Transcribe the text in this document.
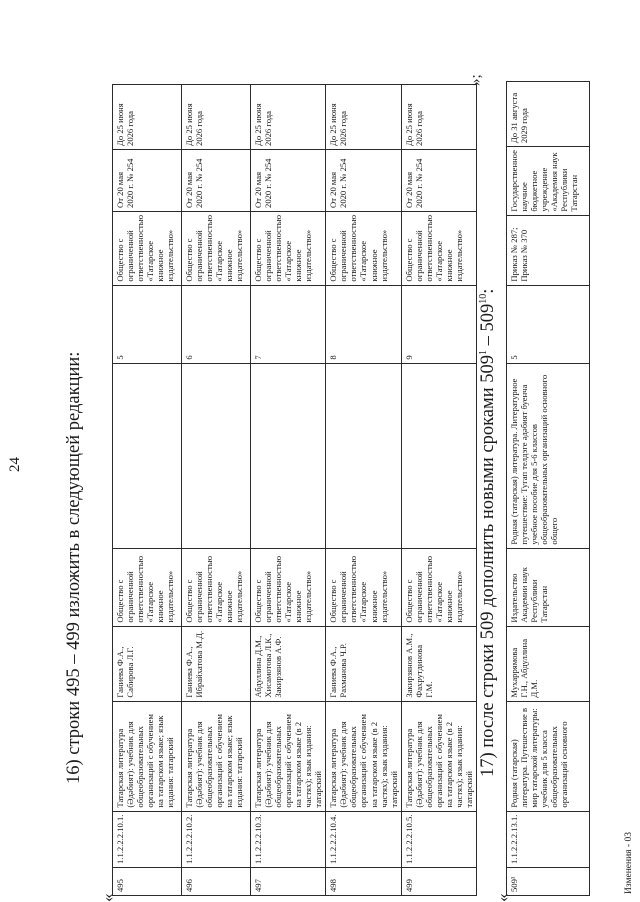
24 16) строки 495 – 499 изложить в следующей редакции:
«
495	1.1.2.2.2.10.1.	Татарская литература (Әдәбият): учебник для общеобразовательных организаций с обучением на татарском языке; язык издания: татарский	Ганиева Ф.А., Сабирова Л.Г.	Общество с ограниченной ответственностью «Татарское книжное издательство»		5	Общество с ограниченной ответственностью «Татарское книжное издательство»	От 20 мая 2020 г. № 254	До 25 июня 2026 года
496	1.1.2.2.2.10.2.	Татарская литература (Әдәбият): учебник для общеобразовательных организаций с обучением на татарском языке; язык издания: татарский	Ганиева Ф.А., Ибрайхатова М.Д.	Общество с ограниченной ответственностью «Татарское книжное издательство»		6	Общество с ограниченной ответственностью «Татарское книжное издательство»	От 20 мая 2020 г. № 254	До 25 июня 2026 года
497	1.1.2.2.2.10.3.	Татарская литература (Әдәбият): учебник для общеобразовательных организаций с обучением на татарском языке (в 2 частях); язык издания: татарский	Абдуллина Д.М., Хисамотова Л.К., Закирзянов А.Ф.	Общество с ограниченной ответственностью «Татарское книжное издательство»		7	Общество с ограниченной ответственностью «Татарское книжное издательство»	От 20 мая 2020 г. № 254	До 25 июня 2026 года
498	1.1.2.2.2.10.4.	Татарская литература (Әдәбият): учебник для общеобразовательных организаций с обучением на татарском языке (в 2 частях); язык издания: татарский	Ганиева Ф.А., Рахманова Ч.Р.	Общество с ограниченной ответственностью «Татарское книжное издательство»		8	Общество с ограниченной ответственностью «Татарское книжное издательство»	От 20 мая 2020 г. № 254	До 25 июня 2026 года
499	1.1.2.2.2.10.5.	Татарская литература (Әдәбият): учебник для общеобразовательных организаций с обучением на татарском языке (в 2 частях); язык издания: татарский	Закирзянов А.М., Фахрутдинова Г.М.	Общество с ограниченной ответственностью «Татарское книжное издательство»		9	Общество с ограниченной ответственностью «Татарское книжное издательство»	От 20 мая 2020 г. № 254	До 25 июня 2026 года
»;
17) после строки 509 дополнить новыми сроками $509^1 - 509^{10}$:
«
509¹	1.1.2.2.2.13.1.	Родная (татарская) литература. Путешествие в мир татарской литературы: учебник для 5 класса общеобразовательных организаций основного	Мухаррямова Г.Н., Абдуллина Д.М.	Издательство Академии наук Республики Татарстан	Родная (татарская) литература. Литературное путешествие: Тугап телдэге әдәбият буенча учебное пособие для 5-6 классов общеобразовательных организаций основного общего	5	Приказ № 287; Приказ № 370	Государственное научное бюджетное учреждение «Академия наук Республики Татарстан	До 31 августа 2029 года
Изменения - 03
